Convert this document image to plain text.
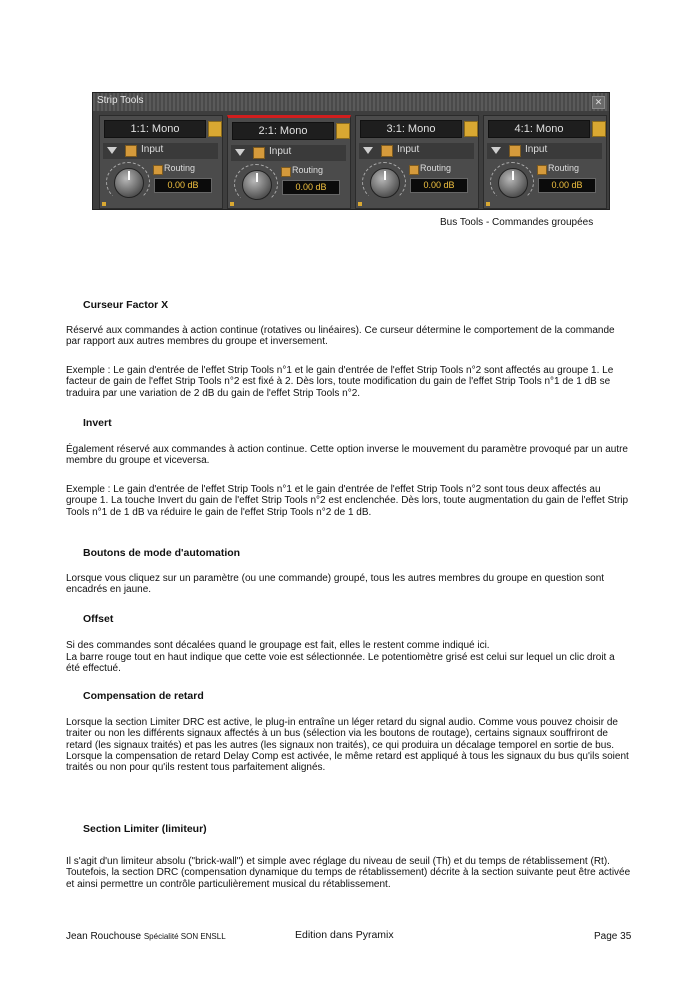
Strip Tools	✕
1:1: Mono
Input
Routing
0.00 dB
2:1: Mono
Input
Routing
0.00 dB
3:1: Mono
Input
Routing
0.00 dB
4:1: Mono
Input
Routing
0.00 dB
Bus Tools - Commandes groupées
Curseur Factor X
Réservé aux commandes à action continue (rotatives ou linéaires). Ce curseur détermine le comportement de la commande par rapport aux autres membres du groupe et inversement.
Exemple : Le gain d'entrée de l'effet Strip Tools n°1 et le gain d'entrée de l'effet Strip Tools n°2 sont affectés au groupe 1. Le facteur de gain de l'effet Strip Tools n°2 est fixé à 2. Dès lors, toute modification du gain de l'effet Strip Tools n°1 de 1 dB se traduira par une variation de 2 dB du gain de l'effet Strip Tools n°2.
Invert
Également réservé aux commandes à action continue. Cette option inverse le mouvement du paramètre provoqué par un autre membre du groupe et viceversa.
Exemple : Le gain d'entrée de l'effet Strip Tools n°1 et le gain d'entrée de l'effet Strip Tools n°2 sont tous deux affectés au groupe 1. La touche Invert du gain de l'effet Strip Tools n°2 est enclenchée. Dès lors, toute augmentation du gain de l'effet Strip Tools n°1 de 1 dB va réduire le gain de l'effet Strip Tools n°2 de 1 dB.
Boutons de mode d'automation
Lorsque vous cliquez sur un paramètre (ou une commande) groupé, tous les autres membres du groupe en question sont encadrés en jaune.
Offset
Si des commandes sont décalées quand le groupage est fait, elles le restent comme indiqué ici.
La barre rouge tout en haut indique que cette voie est sélectionnée. Le potentiomètre grisé est celui sur lequel un clic droit a été effectué.
Compensation de retard
Lorsque la section Limiter DRC est active, le plug-in entraîne un léger retard du signal audio. Comme vous pouvez choisir de traiter ou non les différents signaux affectés à un bus (sélection via les boutons de routage), certains signaux souffriront de retard (les signaux traités) et pas les autres (les signaux non traités), ce qui produira un décalage temporel en sortie de bus. Lorsque la compensation de retard Delay Comp est activée, le même retard est appliqué à tous les signaux du bus qu'ils soient traités ou non pour qu'ils restent tous parfaitement alignés.
Section Limiter (limiteur)
Il s'agit d'un limiteur absolu ("brick-wall") et simple avec réglage du niveau de seuil (Th) et du temps de rétablissement (Rt). Toutefois, la section DRC (compensation dynamique du temps de rétablissement) décrite à la section suivante peut être activée et ainsi permettre un contrôle particulièrement musical du rétablissement.
Jean Rouchouse Spécialité SON ENSLL	Edition dans Pyramix	Page 35
